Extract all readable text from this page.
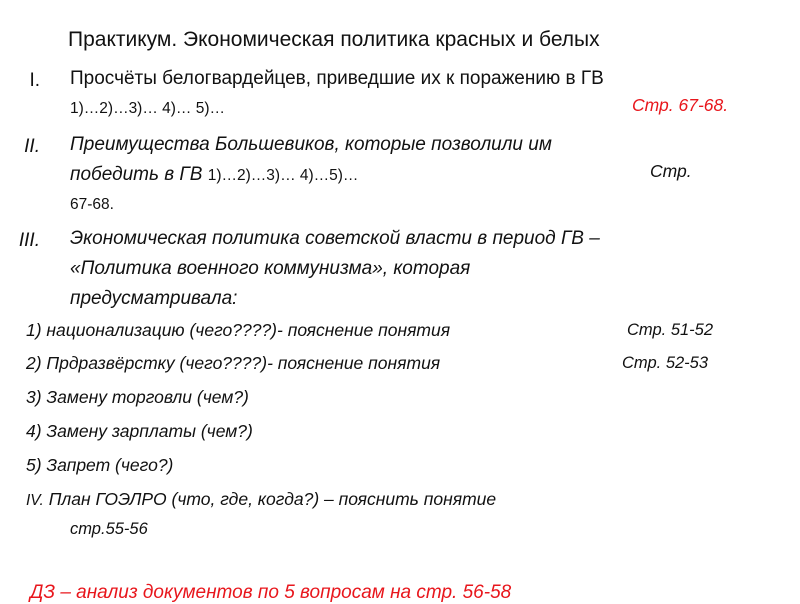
Практикум. Экономическая политика красных и белых
I. Просчёты белогвардейцев, приведшие их к поражению в ГВ
1)…2)…3)… 4)… 5)…	Стр. 67-68.
II. Преимущества Большевиков, которые позволили им
победить в ГВ 1)…2)…3)… 4)…5)…	Стр.
67-68.
III. Экономическая политика советской власти в период ГВ –
«Политика военного коммунизма», которая
предусматривала:
1) национализацию (чего????)- пояснение понятия	Стр. 51-52
2) Прдразвёрстку (чего????)- пояснение понятия	Стр. 52-53
3) Замену торговли (чем?)
4) Замену зарплаты (чем?)
5) Запрет (чего?)
IV. План ГОЭЛРО (что, где, когда?) – пояснить понятие
стр.55-56
ДЗ – анализ документов по 5 вопросам на стр. 56-58
